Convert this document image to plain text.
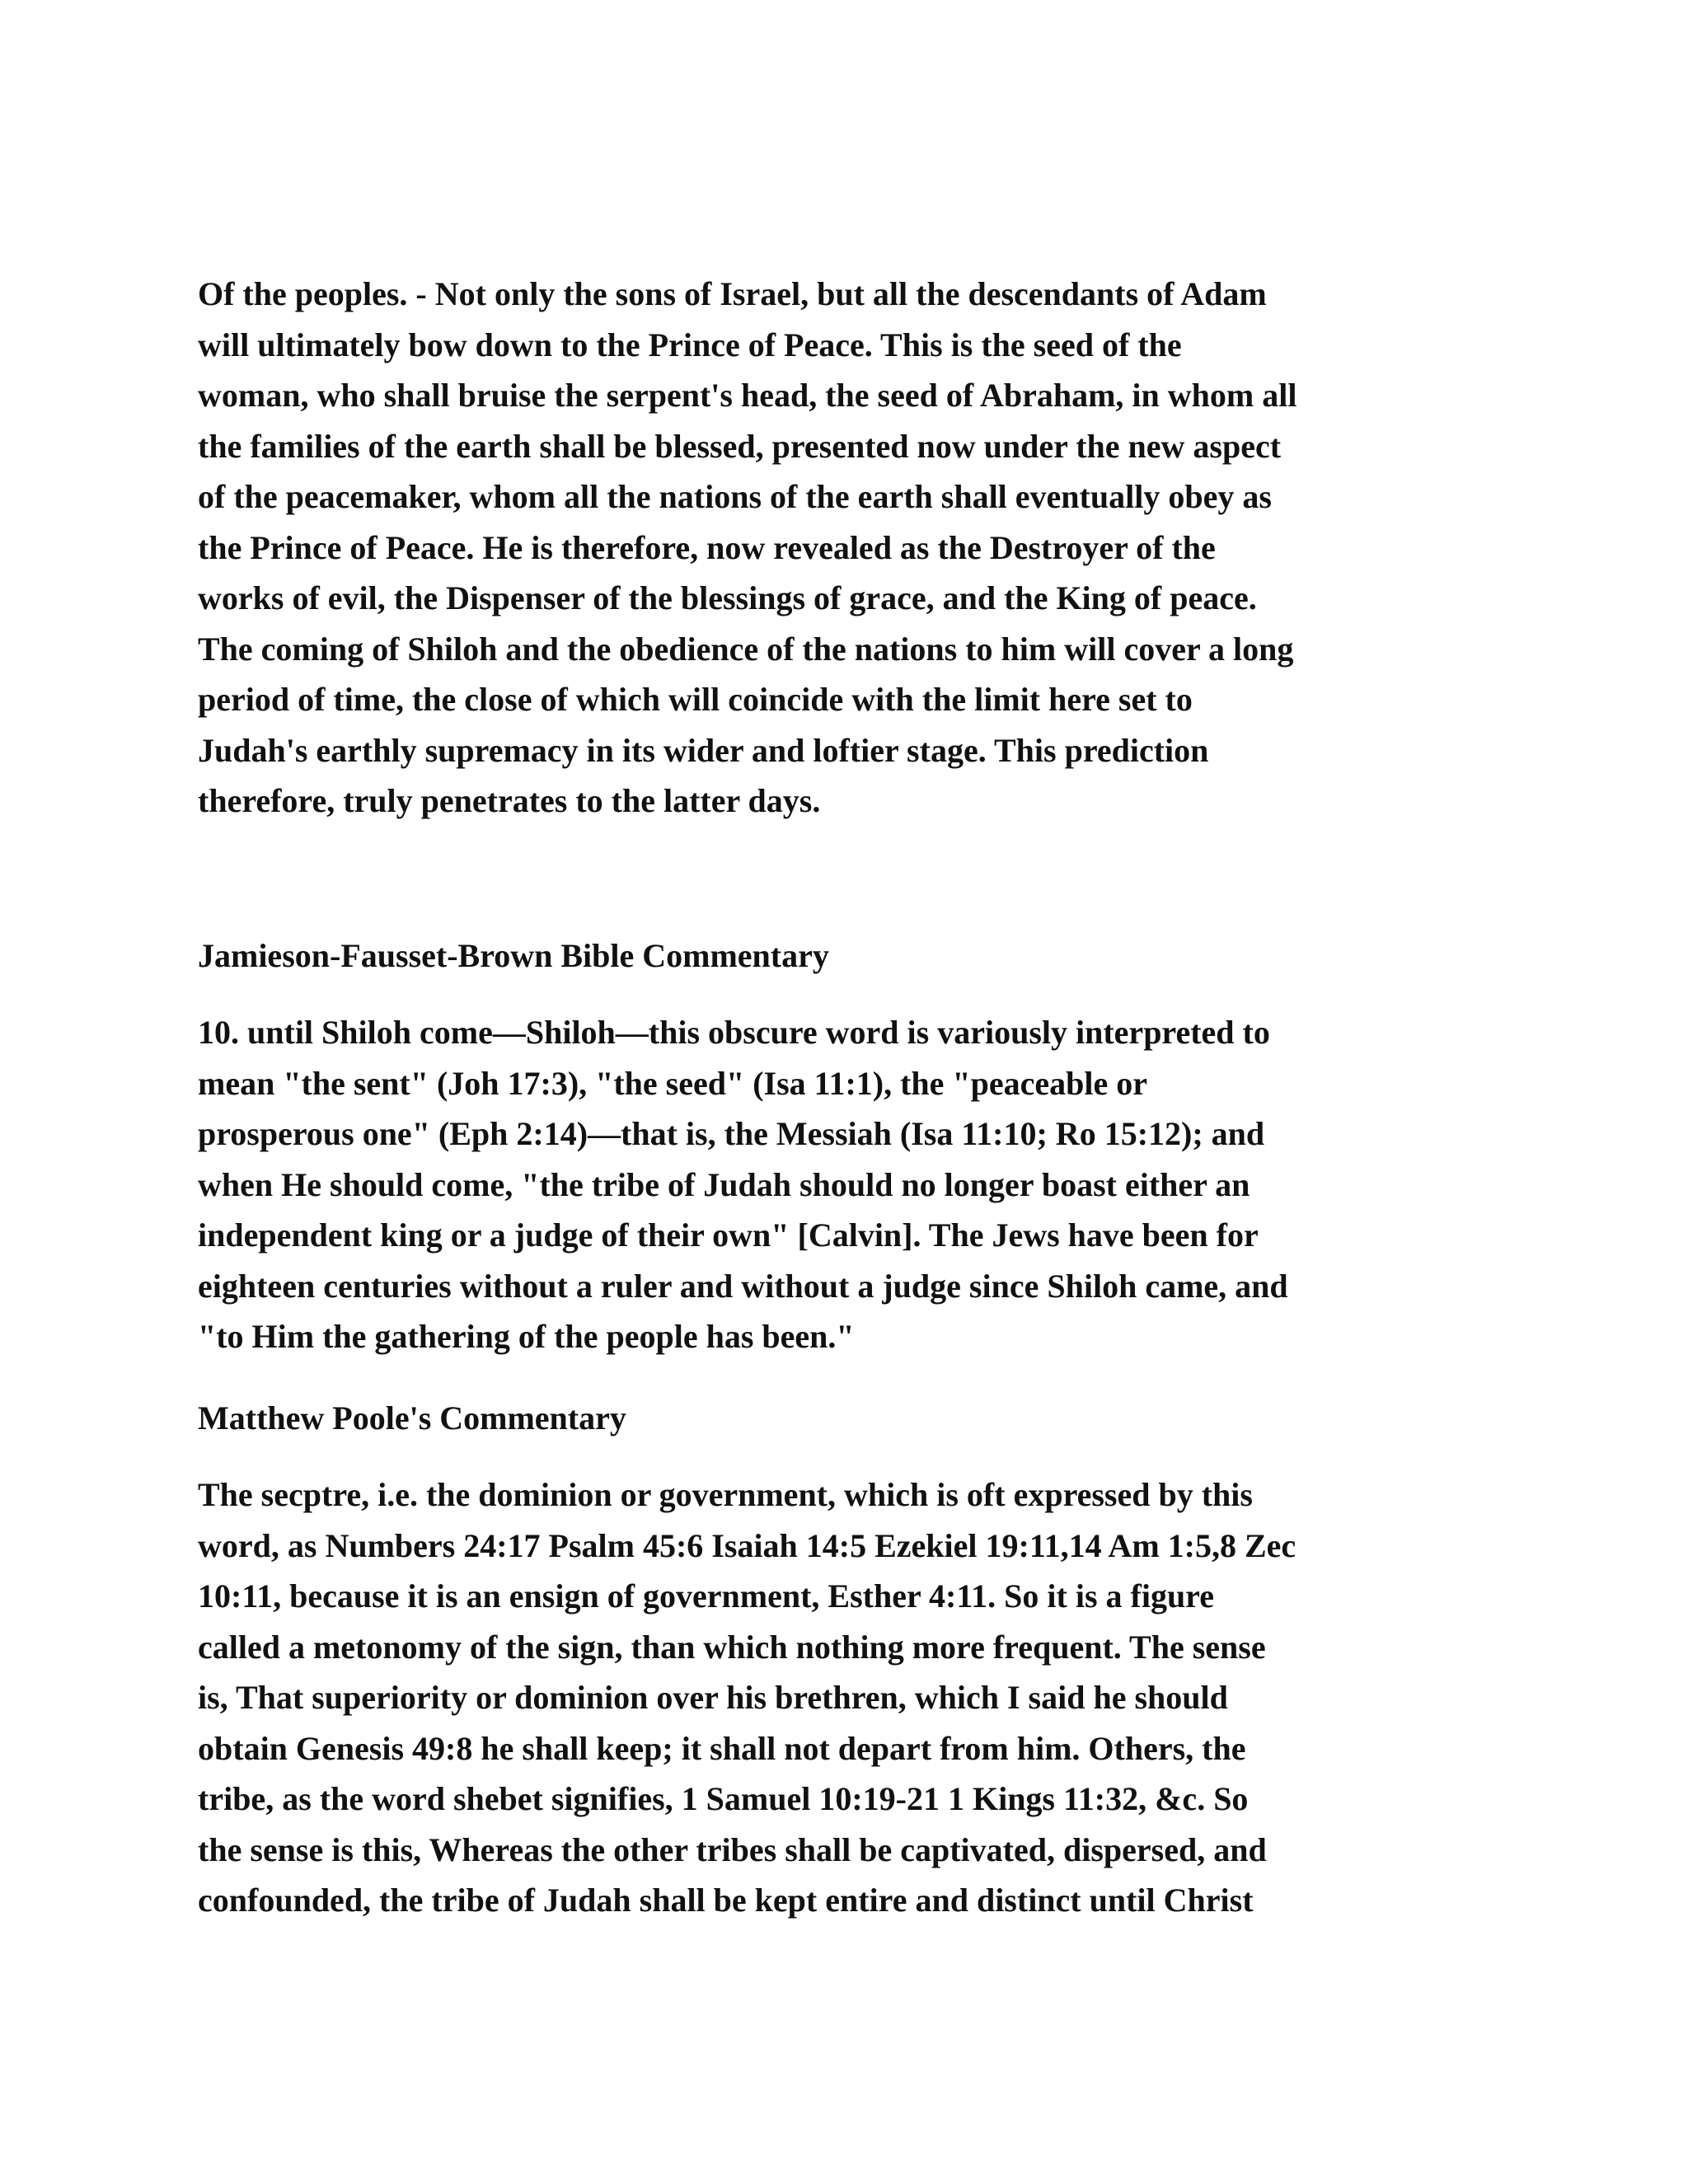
Of the peoples. - Not only the sons of Israel, but all the descendants of Adam
will ultimately bow down to the Prince of Peace. This is the seed of the
woman, who shall bruise the serpent's head, the seed of Abraham, in whom all
the families of the earth shall be blessed, presented now under the new aspect
of the peacemaker, whom all the nations of the earth shall eventually obey as
the Prince of Peace. He is therefore, now revealed as the Destroyer of the
works of evil, the Dispenser of the blessings of grace, and the King of peace.
The coming of Shiloh and the obedience of the nations to him will cover a long
period of time, the close of which will coincide with the limit here set to
Judah's earthly supremacy in its wider and loftier stage. This prediction
therefore, truly penetrates to the latter days.
Jamieson-Fausset-Brown Bible Commentary
10. until Shiloh come—Shiloh—this obscure word is variously interpreted to
mean "the sent" (Joh 17:3), "the seed" (Isa 11:1), the "peaceable or
prosperous one" (Eph 2:14)—that is, the Messiah (Isa 11:10; Ro 15:12); and
when He should come, "the tribe of Judah should no longer boast either an
independent king or a judge of their own" [Calvin]. The Jews have been for
eighteen centuries without a ruler and without a judge since Shiloh came, and
"to Him the gathering of the people has been."
Matthew Poole's Commentary
The secptre, i.e. the dominion or government, which is oft expressed by this
word, as Numbers 24:17 Psalm 45:6 Isaiah 14:5 Ezekiel 19:11,14 Am 1:5,8 Zec
10:11, because it is an ensign of government, Esther 4:11. So it is a figure
called a metonomy of the sign, than which nothing more frequent. The sense
is, That superiority or dominion over his brethren, which I said he should
obtain Genesis 49:8 he shall keep; it shall not depart from him. Others, the
tribe, as the word shebet signifies, 1 Samuel 10:19-21 1 Kings 11:32, &c. So
the sense is this, Whereas the other tribes shall be captivated, dispersed, and
confounded, the tribe of Judah shall be kept entire and distinct until Christ
